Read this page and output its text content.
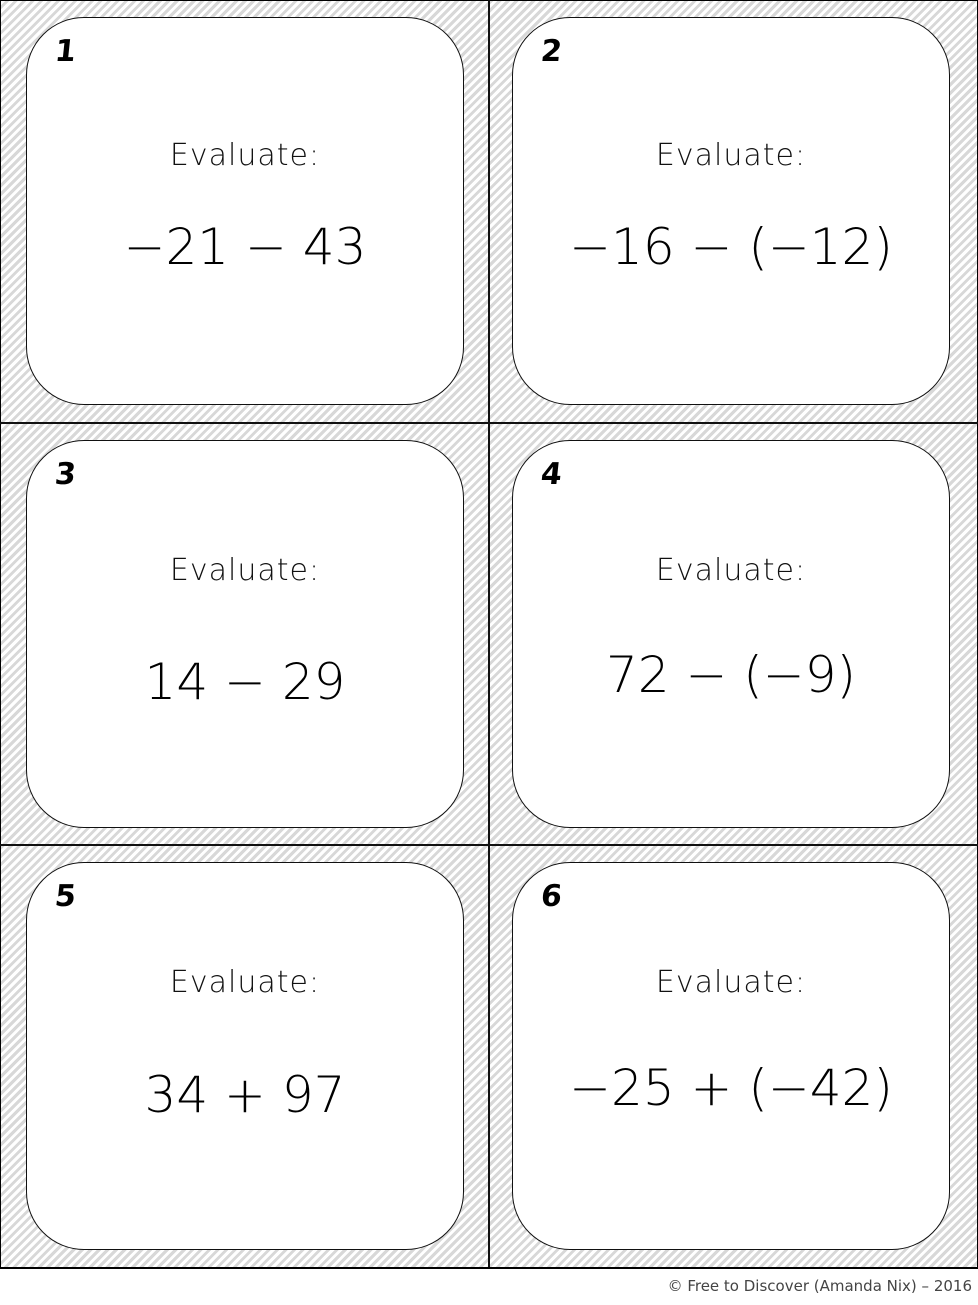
1
Evaluate:
−21 − 43
2
Evaluate:
−16 − (−12)
3
Evaluate:
14 − 29
4
Evaluate:
72 − (−9)
5
Evaluate:
34 + 97
6
Evaluate:
−25 + (−42)
© Free to Discover (Amanda Nix) – 2016
